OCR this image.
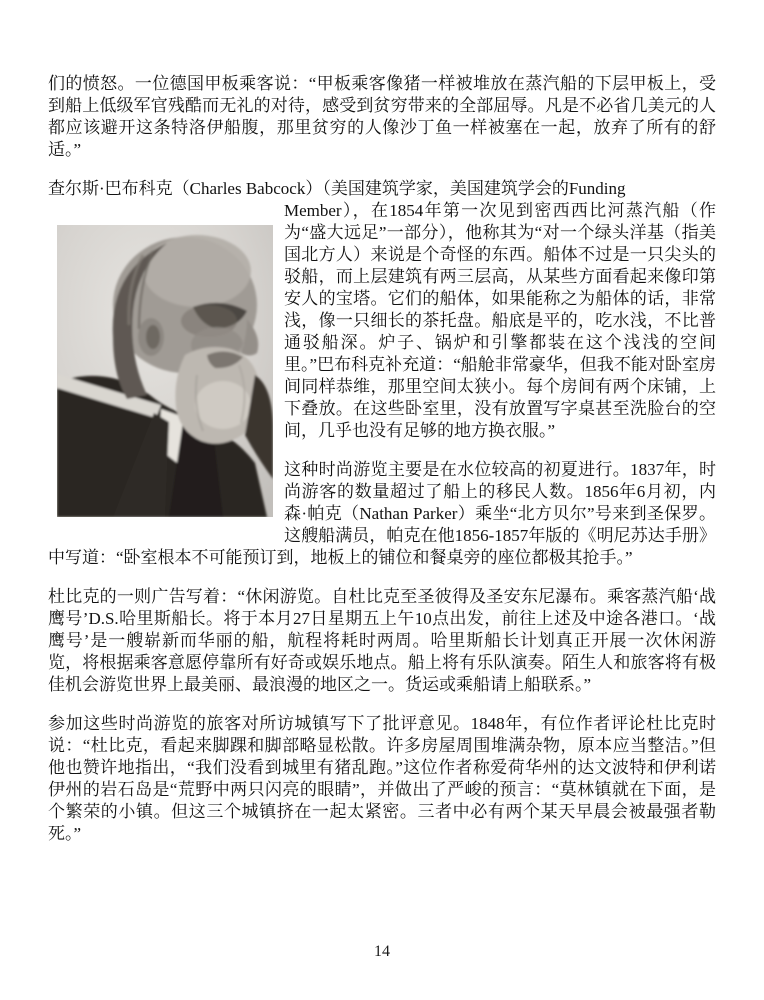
们的愤怒。一位德国甲板乘客说：“甲板乘客像猪一样被堆放在蒸汽船的下层甲板上，受到船上低级军官残酷而无礼的对待，感受到贫穷带来的全部屈辱。凡是不必省几美元的人都应该避开这条特洛伊船腹，那里贫穷的人像沙丁鱼一样被塞在一起，放弃了所有的舒适。”

查尔斯·巴布科克（Charles Babcock）（美国建筑学家，美国建筑学会的Funding

Member），在1854年第一次见到密西西比河蒸汽船（作为“盛大远足”一部分），他称其为“对一个绿头洋基（指美国北方人）来说是个奇怪的东西。船体不过是一只尖头的驳船，而上层建筑有两三层高，从某些方面看起来像印第安人的宝塔。它们的船体，如果能称之为船体的话，非常浅，像一只细长的茶托盘。船底是平的，吃水浅，不比普通驳船深。炉子、锅炉和引擎都装在这个浅浅的空间里。”巴布科克补充道：“船舱非常豪华，但我不能对卧室房间同样恭维，那里空间太狭小。每个房间有两个床铺，上下叠放。在这些卧室里，没有放置写字桌甚至洗脸台的空间，几乎也没有足够的地方换衣服。”

这种时尚游览主要是在水位较高的初夏进行。1837年，时尚游客的数量超过了船上的移民人数。1856年6月初，内森·帕克（Nathan Parker）乘坐“北方贝尔”号来到圣保罗。这艘船满员，帕克在他1856-1857年版的《明尼苏达手册》中写道：“卧室根本不可能预订到，地板上的铺位和餐桌旁的座位都极其抢手。”

杜比克的一则广告写着：“休闲游览。自杜比克至圣彼得及圣安东尼瀑布。乘客蒸汽船‘战鹰号’D.S.哈里斯船长。将于本月27日星期五上午10点出发，前往上述及中途各港口。‘战鹰号’是一艘崭新而华丽的船，航程将耗时两周。哈里斯船长计划真正开展一次休闲游览，将根据乘客意愿停靠所有好奇或娱乐地点。船上将有乐队演奏。陌生人和旅客将有极佳机会游览世界上最美丽、最浪漫的地区之一。货运或乘船请上船联系。”

参加这些时尚游览的旅客对所访城镇写下了批评意见。1848年，有位作者评论杜比克时说：“杜比克，看起来脚踝和脚部略显松散。许多房屋周围堆满杂物，原本应当整洁。”但他也赞许地指出，“我们没看到城里有猪乱跑。”这位作者称爱荷华州的达文波特和伊利诺伊州的岩石岛是“荒野中两只闪亮的眼睛”，并做出了严峻的预言：“莫林镇就在下面，是个繁荣的小镇。但这三个城镇挤在一起太紧密。三者中必有两个某天早晨会被最强者勒死。”

14
